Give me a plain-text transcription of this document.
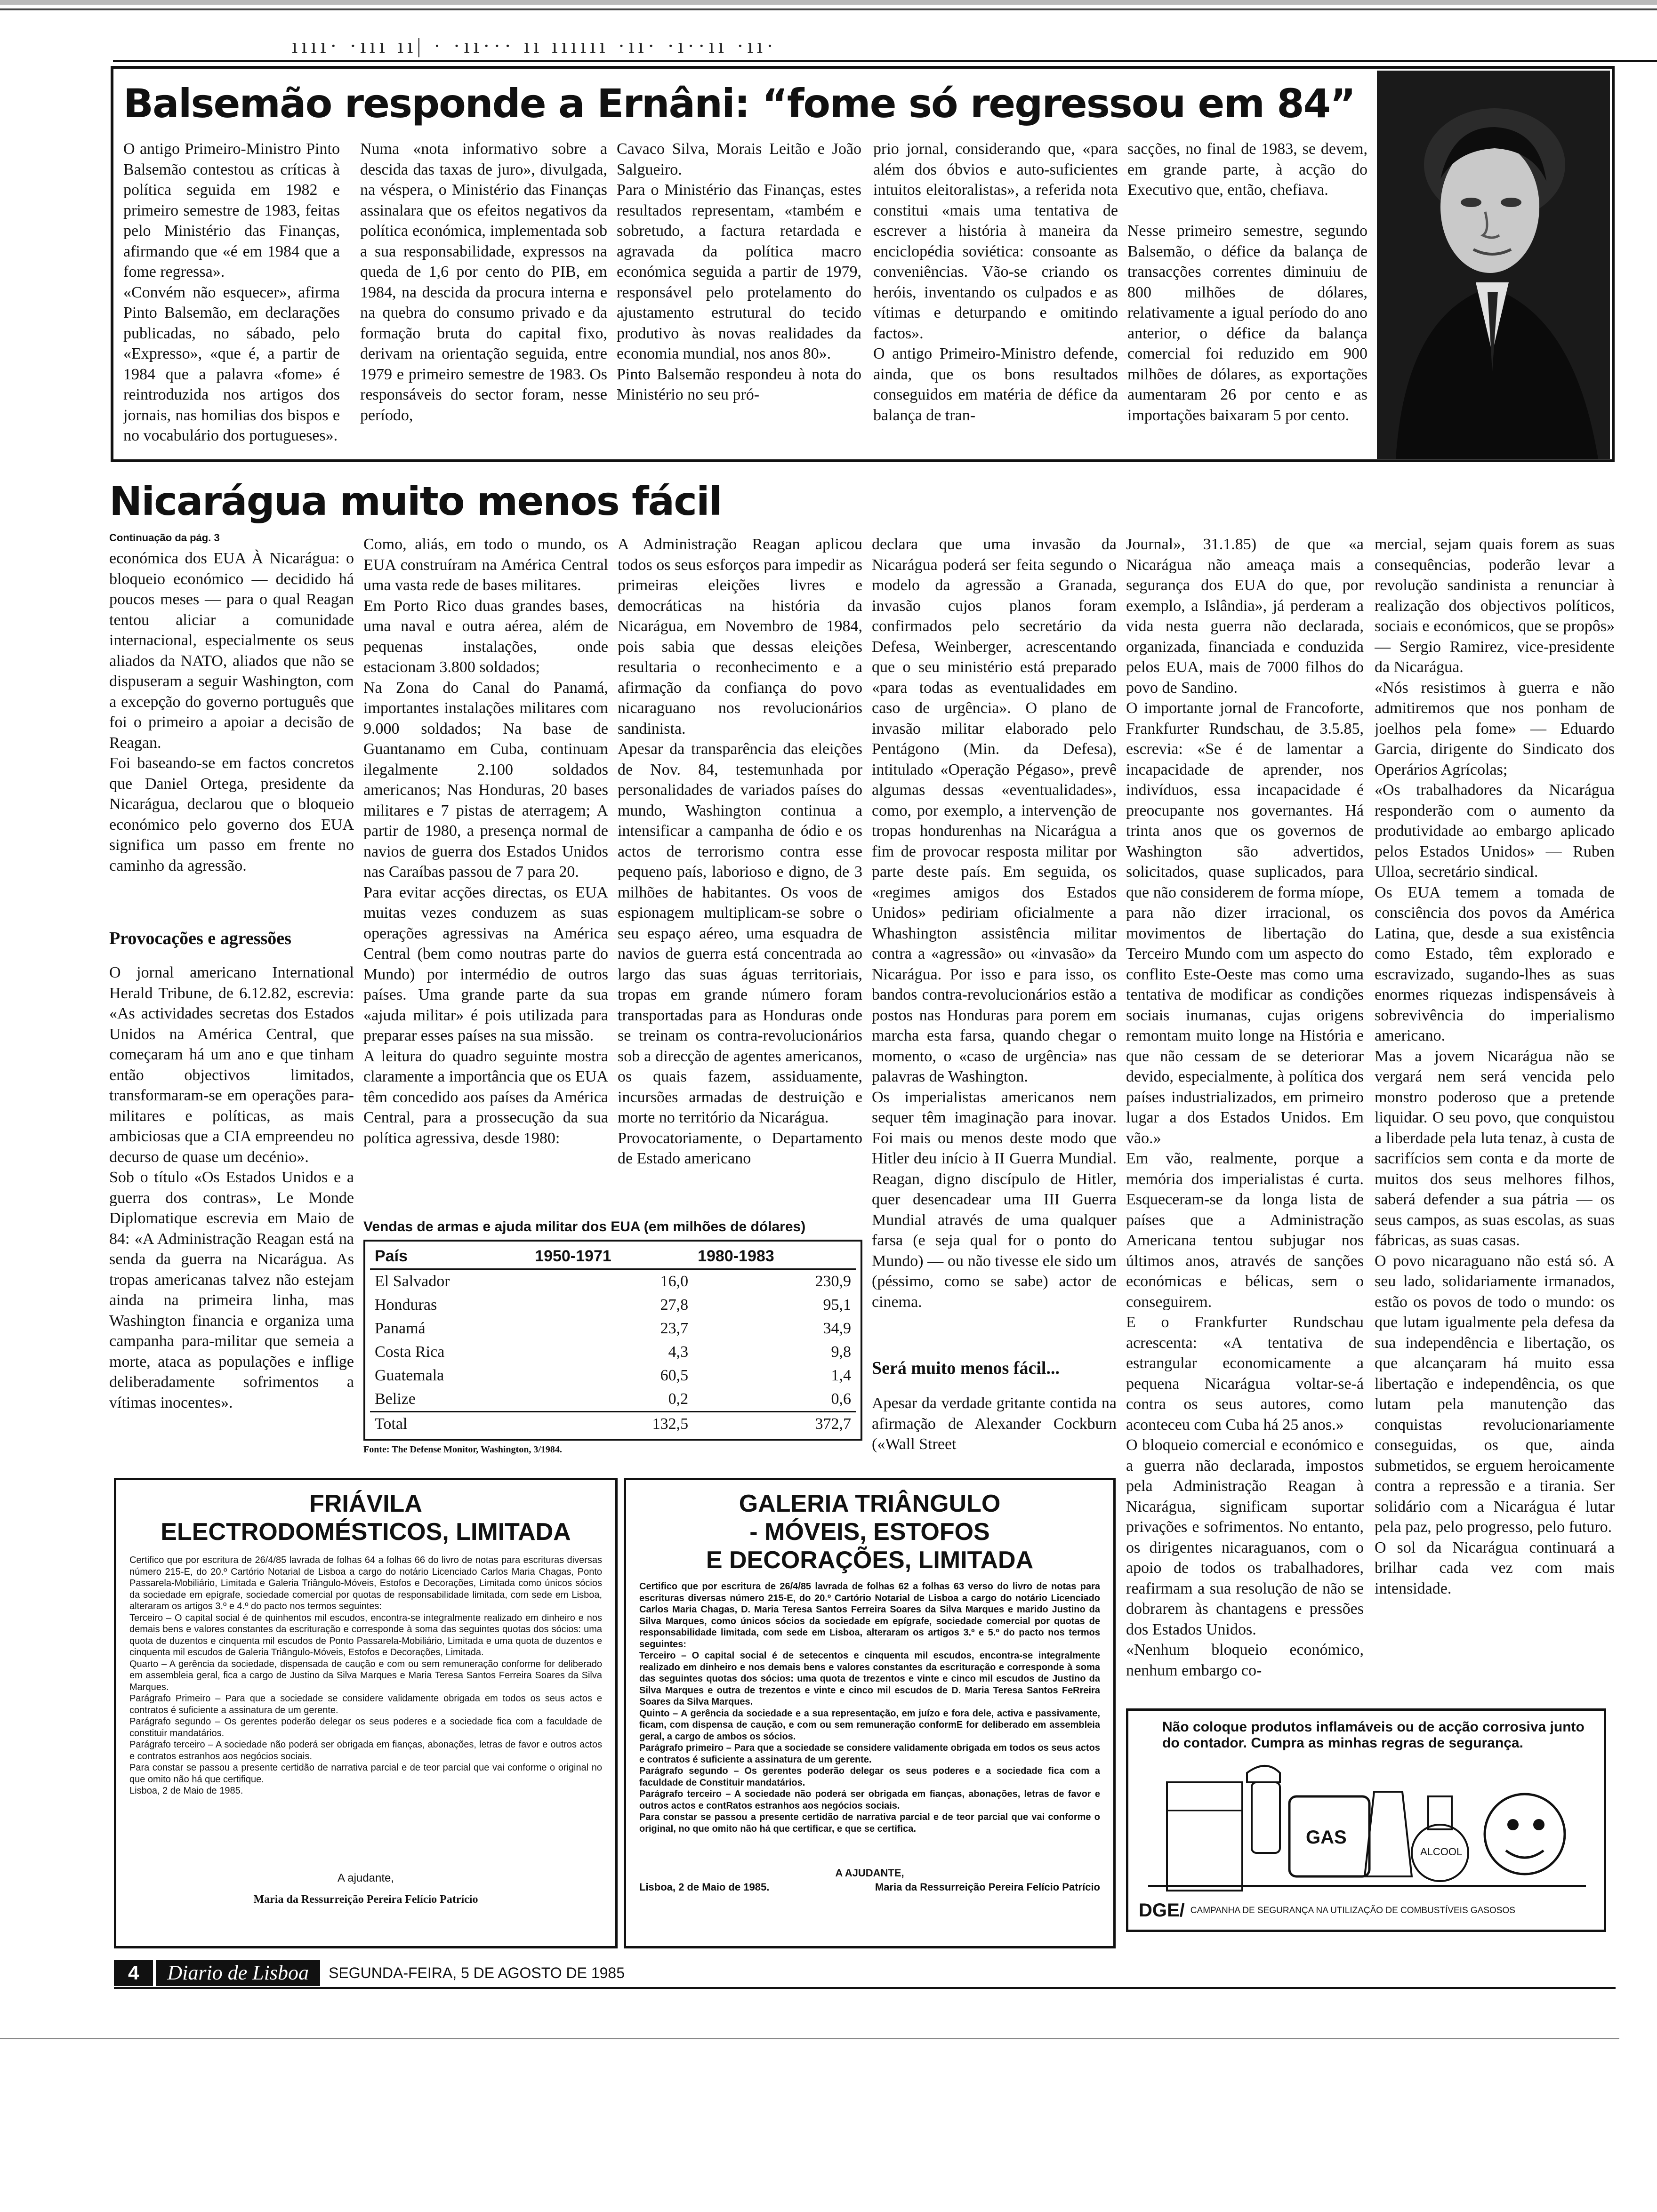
ıııı· ·ııı ıı| · ·ıı··· ıı ıııııı ·ıı· ·ı··ıı ·ıı·
Balsemão responde a Ernâni: “fome só regressou em 84”
O antigo Primeiro-Ministro Pinto Balsemão contestou as críticas à política seguida em 1982 e primeiro semestre de 1983, feitas pelo Ministério das Finanças, afirmando que «é em 1984 que a fome regressa».
«Convém não esquecer», afirma Pinto Balsemão, em declarações publicadas, no sábado, pelo «Expresso», «que é, a partir de 1984 que a palavra «fome» é reintroduzida nos artigos dos jornais, nas homilias dos bispos e no vocabulário dos portugueses».
Numa «nota informativo sobre a descida das taxas de juro», divulgada, na véspera, o Ministério das Finanças assinalara que os efeitos negativos da política económica, implementada sob a sua responsabilidade, expressos na queda de 1,6 por cento do PIB, em 1984, na descida da procura interna e na quebra do consumo privado e da formação bruta do capital fixo, derivam na orientação seguida, entre 1979 e primeiro semestre de 1983. Os responsáveis do sector foram, nesse período,
Cavaco Silva, Morais Leitão e João Salgueiro.
Para o Ministério das Finanças, estes resultados representam, «também e sobretudo, a factura retardada e agravada da política macro económica seguida a partir de 1979, responsável pelo protelamento do ajustamento estrutural do tecido produtivo às novas realidades da economia mundial, nos anos 80».
Pinto Balsemão respondeu à nota do Ministério no seu pró-
prio jornal, considerando que, «para além dos óbvios e auto-suficientes intuitos eleitoralistas», a referida nota constitui «mais uma tentativa de escrever a história à maneira da enciclopédia soviética: consoante as conveniências. Vão-se criando os heróis, inventando os culpados e as vítimas e deturpando e omitindo factos».
O antigo Primeiro-Ministro defende, ainda, que os bons resultados conseguidos em matéria de défice da balança de tran-
sacções, no final de 1983, se devem, em grande parte, à acção do Executivo que, então, chefiava.

Nesse primeiro semestre, segundo Balsemão, o défice da balança de transacções correntes diminuiu de 800 milhões de dólares, relativamente a igual período do ano anterior, o défice da balança comercial foi reduzido em 900 milhões de dólares, as exportações aumentaram 26 por cento e as importações baixaram 5 por cento.
Nicarágua muito menos fácil
Continuação da pág. 3
económica dos EUA À Nicarágua: o bloqueio económico — decidido há poucos meses — para o qual Reagan tentou aliciar a comunidade internacional, especialmente os seus aliados da NATO, aliados que não se dispuseram a seguir Washington, com a excepção do governo português que foi o primeiro a apoiar a decisão de Reagan.
Foi baseando-se em factos concretos que Daniel Ortega, presidente da Nicarágua, declarou que o bloqueio económico pelo governo dos EUA significa um passo em frente no caminho da agressão.
Provocações e agressões
O jornal americano International Herald Tribune, de 6.12.82, escrevia: «As actividades secretas dos Estados Unidos na América Central, que começaram há um ano e que tinham então objectivos limitados, transformaram-se em operações para-militares e políticas, as mais ambiciosas que a CIA empreendeu no decurso de quase um decénio».
Sob o título «Os Estados Unidos e a guerra dos contras», Le Monde Diplomatique escrevia em Maio de 84: «A Administração Reagan está na senda da guerra na Nicarágua. As tropas americanas talvez não estejam ainda na primeira linha, mas Washington financia e organiza uma campanha para-militar que semeia a morte, ataca as populações e inflige deliberadamente sofrimentos a vítimas inocentes».
Como, aliás, em todo o mundo, os EUA construíram na América Central uma vasta rede de bases militares.
Em Porto Rico duas grandes bases, uma naval e outra aérea, além de pequenas instalações, onde estacionam 3.800 soldados;
Na Zona do Canal do Panamá, importantes instalações militares com 9.000 soldados; Na base de Guantanamo em Cuba, continuam ilegalmente 2.100 soldados americanos; Nas Honduras, 20 bases militares e 7 pistas de aterragem; A partir de 1980, a presença normal de navios de guerra dos Estados Unidos nas Caraíbas passou de 7 para 20.
Para evitar acções directas, os EUA muitas vezes conduzem as suas operações agressivas na América Central (bem como noutras parte do Mundo) por intermédio de outros países. Uma grande parte da sua «ajuda militar» é pois utilizada para preparar esses países na sua missão.
A leitura do quadro seguinte mostra claramente a importância que os EUA têm concedido aos países da América Central, para a prossecução da sua política agressiva, desde 1980:
A Administração Reagan aplicou todos os seus esforços para impedir as primeiras eleições livres e democráticas na história da Nicarágua, em Novembro de 1984, pois sabia que dessas eleições resultaria o reconhecimento e a afirmação da confiança do povo nicaraguano nos revolucionários sandinista.
Apesar da transparência das eleições de Nov. 84, testemunhada por personalidades de variados países do mundo, Washington continua a intensificar a campanha de ódio e os actos de terrorismo contra esse pequeno país, laborioso e digno, de 3 milhões de habitantes. Os voos de espionagem multiplicam-se sobre o seu espaço aéreo, uma esquadra de navios de guerra está concentrada ao largo das suas águas territoriais, tropas em grande número foram transportadas para as Honduras onde se treinam os contra-revolucionários sob a direcção de agentes americanos, os quais fazem, assiduamente, incursões armadas de destruição e morte no território da Nicarágua.
Provocatoriamente, o Departamento de Estado americano
Vendas de armas e ajuda militar dos EUA (em milhões de dólares)
País	1950-1971	1980-1983
El Salvador	16,0	230,9
Honduras	27,8	95,1
Panamá	23,7	34,9
Costa Rica	4,3	9,8
Guatemala	60,5	1,4
Belize	0,2	0,6
Total	132,5	372,7
Fonte: The Defense Monitor, Washington, 3/1984.
declara que uma invasão da Nicarágua poderá ser feita segundo o modelo da agressão a Granada, invasão cujos planos foram confirmados pelo secretário da Defesa, Weinberger, acrescentando que o seu ministério está preparado «para todas as eventualidades em caso de urgência». O plano de invasão militar elaborado pelo Pentágono (Min. da Defesa), intitulado «Operação Pégaso», prevê algumas dessas «eventualidades», como, por exemplo, a intervenção de tropas hondurenhas na Nicarágua a fim de provocar resposta militar por parte deste país. Em seguida, os «regimes amigos dos Estados Unidos» pediriam oficialmente a Whashington assistência militar contra a «agressão» ou «invasão» da Nicarágua. Por isso e para isso, os bandos contra-revolucionários estão a postos nas Honduras para porem em marcha esta farsa, quando chegar o momento, o «caso de urgência» nas palavras de Washington.
Os imperialistas americanos nem sequer têm imaginação para inovar. Foi mais ou menos deste modo que Hitler deu início à II Guerra Mundial. Reagan, digno discípulo de Hitler, quer desencadear uma III Guerra Mundial através de uma qualquer farsa (e seja qual for o ponto do Mundo) — ou não tivesse ele sido um (péssimo, como se sabe) actor de cinema.
Será muito menos fácil...
Apesar da verdade gritante contida na afirmação de Alexander Cockburn («Wall Street
Journal», 31.1.85) de que «a Nicarágua não ameaça mais a segurança dos EUA do que, por exemplo, a Islândia», já perderam a vida nesta guerra não declarada, organizada, financiada e conduzida pelos EUA, mais de 7000 filhos do povo de Sandino.
O importante jornal de Francoforte, Frankfurter Rundschau, de 3.5.85, escrevia: «Se é de lamentar a incapacidade de aprender, nos indivíduos, essa incapacidade é preocupante nos governantes. Há trinta anos que os governos de Washington são advertidos, solicitados, quase suplicados, para que não considerem de forma míope, para não dizer irracional, os movimentos de libertação do Terceiro Mundo com um aspecto do conflito Este-Oeste mas como uma tentativa de modificar as condições sociais inumanas, cujas origens remontam muito longe na História e que não cessam de se deteriorar devido, especialmente, à política dos países industrializados, em primeiro lugar a dos Estados Unidos. Em vão.»
Em vão, realmente, porque a memória dos imperialistas é curta. Esqueceram-se da longa lista de países que a Administração Americana tentou subjugar nos últimos anos, através de sanções económicas e bélicas, sem o conseguirem.
E o Frankfurter Rundschau acrescenta: «A tentativa de estrangular economicamente a pequena Nicarágua voltar-se-á contra os seus autores, como aconteceu com Cuba há 25 anos.»
O bloqueio comercial e económico e a guerra não declarada, impostos pela Administração Reagan à Nicarágua, significam suportar privações e sofrimentos. No entanto, os dirigentes nicaraguanos, com o apoio de todos os trabalhadores, reafirmam a sua resolução de não se dobrarem às chantagens e pressões dos Estados Unidos.
«Nenhum bloqueio económico, nenhum embargo co-
mercial, sejam quais forem as suas consequências, poderão levar a revolução sandinista a renunciar à realização dos objectivos políticos, sociais e económicos, que se propôs» — Sergio Ramirez, vice-presidente da Nicarágua.
«Nós resistimos à guerra e não admitiremos que nos ponham de joelhos pela fome» — Eduardo Garcia, dirigente do Sindicato dos Operários Agrícolas;
«Os trabalhadores da Nicarágua responderão com o aumento da produtividade ao embargo aplicado pelos Estados Unidos» — Ruben Ulloa, secretário sindical.
Os EUA temem a tomada de consciência dos povos da América Latina, que, desde a sua existência como Estado, têm explorado e escravizado, sugando-lhes as suas enormes riquezas indispensáveis à sobrevivência do imperialismo americano.
Mas a jovem Nicarágua não se vergará nem será vencida pelo monstro poderoso que a pretende liquidar. O seu povo, que conquistou a liberdade pela luta tenaz, à custa de sacrifícios sem conta e da morte de muitos dos seus melhores filhos, saberá defender a sua pátria — os seus campos, as suas escolas, as suas fábricas, as suas casas.
O povo nicaraguano não está só. A seu lado, solidariamente irmanados, estão os povos de todo o mundo: os que lutam igualmente pela defesa da sua independência e libertação, os que alcançaram há muito essa libertação e independência, os que lutam pela manutenção das conquistas revolucionariamente conseguidas, os que, ainda submetidos, se erguem heroicamente contra a repressão e a tirania. Ser solidário com a Nicarágua é lutar pela paz, pelo progresso, pelo futuro.
O sol da Nicarágua continuará a brilhar cada vez com mais intensidade.
FRIÁVILA
ELECTRODOMÉSTICOS, LIMITADA
Certifico que por escritura de 26/4/85 lavrada de folhas 64 a folhas 66 do livro de notas para escrituras diversas número 215-E, do 20.º Cartório Notarial de Lisboa a cargo do notário Licenciado Carlos Maria Chagas, Ponto Passarela-Mobiliário, Limitada e Galeria Triângulo-Móveis, Estofos e Decorações, Limitada como únicos sócios da sociedade em epígrafe, sociedade comercial por quotas de responsabilidade limitada, com sede em Lisboa, alteraram os artigos 3.º e 4.º do pacto nos termos seguintes:
Terceiro – O capital social é de quinhentos mil escudos, encontra-se integralmente realizado em dinheiro e nos demais bens e valores constantes da escrituração e corresponde à soma das seguintes quotas dos sócios: uma quota de duzentos e cinquenta mil escudos de Ponto Passarela-Mobiliário, Limitada e uma quota de duzentos e cinquenta mil escudos de Galeria Triângulo-Móveis, Estofos e Decorações, Limitada.
Quarto – A gerência da sociedade, dispensada de caução e com ou sem remuneração conforme for deliberado em assembleia geral, fica a cargo de Justino da Silva Marques e Maria Teresa Santos Ferreira Soares da Silva Marques.
Parágrafo Primeiro – Para que a sociedade se considere validamente obrigada em todos os seus actos e contratos é suficiente a assinatura de um gerente.
Parágrafo segundo – Os gerentes poderão delegar os seus poderes e a sociedade fica com a faculdade de constituir mandatários.
Parágrafo terceiro – A sociedade não poderá ser obrigada em fianças, abonações, letras de favor e outros actos e contratos estranhos aos negócios sociais.
Para constar se passou a presente certidão de narrativa parcial e de teor parcial que vai conforme o original no que omito não há que certifique.
Lisboa, 2 de Maio de 1985.
A ajudante,
Maria da Ressurreição Pereira Felício Patrício
GALERIA TRIÂNGULO
- MÓVEIS, ESTOFOS
E DECORAÇÕES, LIMITADA
Certifico que por escritura de 26/4/85 lavrada de folhas 62 a folhas 63 verso do livro de notas para escrituras diversas número 215-E, do 20.º Cartório Notarial de Lisboa a cargo do notário Licenciado Carlos Maria Chagas, D. Maria Teresa Santos Ferreira Soares da Silva Marques e marido Justino da Silva Marques, como únicos sócios da sociedade em epígrafe, sociedade comercial por quotas de responsabilidade limitada, com sede em Lisboa, alteraram os artigos 3.º e 5.º do pacto nos termos seguintes:
Terceiro – O capital social é de setecentos e cinquenta mil escudos, encontra-se integralmente realizado em dinheiro e nos demais bens e valores constantes da escrituração e corresponde à soma das seguintes quotas dos sócios: uma quota de trezentos e vinte e cinco mil escudos de Justino da Silva Marques e outra de trezentos e vinte e cinco mil escudos de D. Maria Teresa Santos FeRreira Soares da Silva Marques.
Quinto – A gerência da sociedade e a sua representação, em juízo e fora dele, activa e passivamente, ficam, com dispensa de caução, e com ou sem remuneração conformE for deliberado em assembleia geral, a cargo de ambos os sócios.
Parágrafo primeiro – Para que a sociedade se considere validamente obrigada em todos os seus actos e contratos é suficiente a assinatura de um gerente.
Parágrafo segundo – Os gerentes poderão delegar os seus poderes e a sociedade fica com a faculdade de Constituir mandatários.
Parágrafo terceiro – A sociedade não poderá ser obrigada em fianças, abonações, letras de favor e outros actos e contRatos estranhos aos negócios sociais.
Para constar se passou a presente certidão de narrativa parcial e de teor parcial que vai conforme o original, no que omito não há que certificar, e que se certifica.
A AJUDANTE,
Lisboa, 2 de Maio de 1985.	Maria da Ressurreição Pereira Felício Patrício
Não coloque produtos inflamáveis ou de acção corrosiva junto do contador. Cumpra as minhas regras de segurança.
GAS
ALCOOL
DGE/ CAMPANHA DE SEGURANÇA NA UTILIZAÇÃO DE COMBUSTÍVEIS GASOSOS
4	Diario de Lisboa	SEGUNDA-FEIRA, 5 DE AGOSTO DE 1985
